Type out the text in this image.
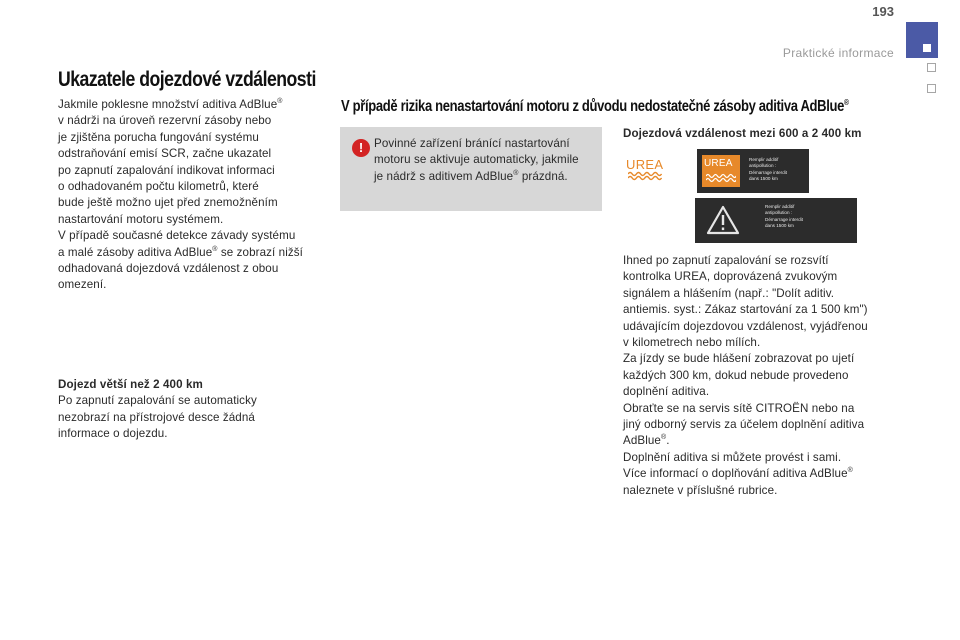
193
Praktické informace
Ukazatele dojezdové vzdálenosti

Jakmile poklesne množství aditiva AdBlue®

v nádrži na úroveň rezervní zásoby nebo

je zjištěna porucha fungování systému

odstraňování emisí SCR, začne ukazatel

po zapnutí zapalování indikovat informaci

o odhadovaném počtu kilometrů, které

bude ještě možno ujet před znemožněním

nastartování motoru systémem.

V případě současné detekce závady systému

a malé zásoby aditiva AdBlue® se zobrazí nižší

odhadovaná dojezdová vzdálenost z obou

omezení.

Dojezd větší než 2 400 km

Po zapnutí zapalování se automaticky

nezobrazí na přístrojové desce žádná

informace o dojezdu.

V případě rizika nenastartování motoru z důvodu nedostatečné zásoby aditiva AdBlue®
! Povinné zařízení bránící nastartování

motoru se aktivuje automaticky, jakmile

je nádrž s aditivem AdBlue® prázdná.

Dojezdová vzdálenost mezi 600 a 2 400 km
UREA	UREA	Remplir additif
antipollution :
Démarrage interdit
dans 1500 km
Remplir additif
antipollution :
Démarrage interdit
dans 1500 km

Ihned po zapnutí zapalování se rozsvítí

kontrolka UREA, doprovázená zvukovým

signálem a hlášením (např.: "Dolít aditiv.

antiemis. syst.: Zákaz startování za 1 500 km")

udávajícím dojezdovou vzdálenost, vyjádřenou

v kilometrech nebo mílích.

Za jízdy se bude hlášení zobrazovat po ujetí

každých 300 km, dokud nebude provedeno

doplnění aditiva.

Obraťte se na servis sítě CITROËN nebo na

jiný odborný servis za účelem doplnění aditiva

AdBlue®.

Doplnění aditiva si můžete provést i sami.

Více informací o doplňování aditiva AdBlue®

naleznete v příslušné rubrice.
